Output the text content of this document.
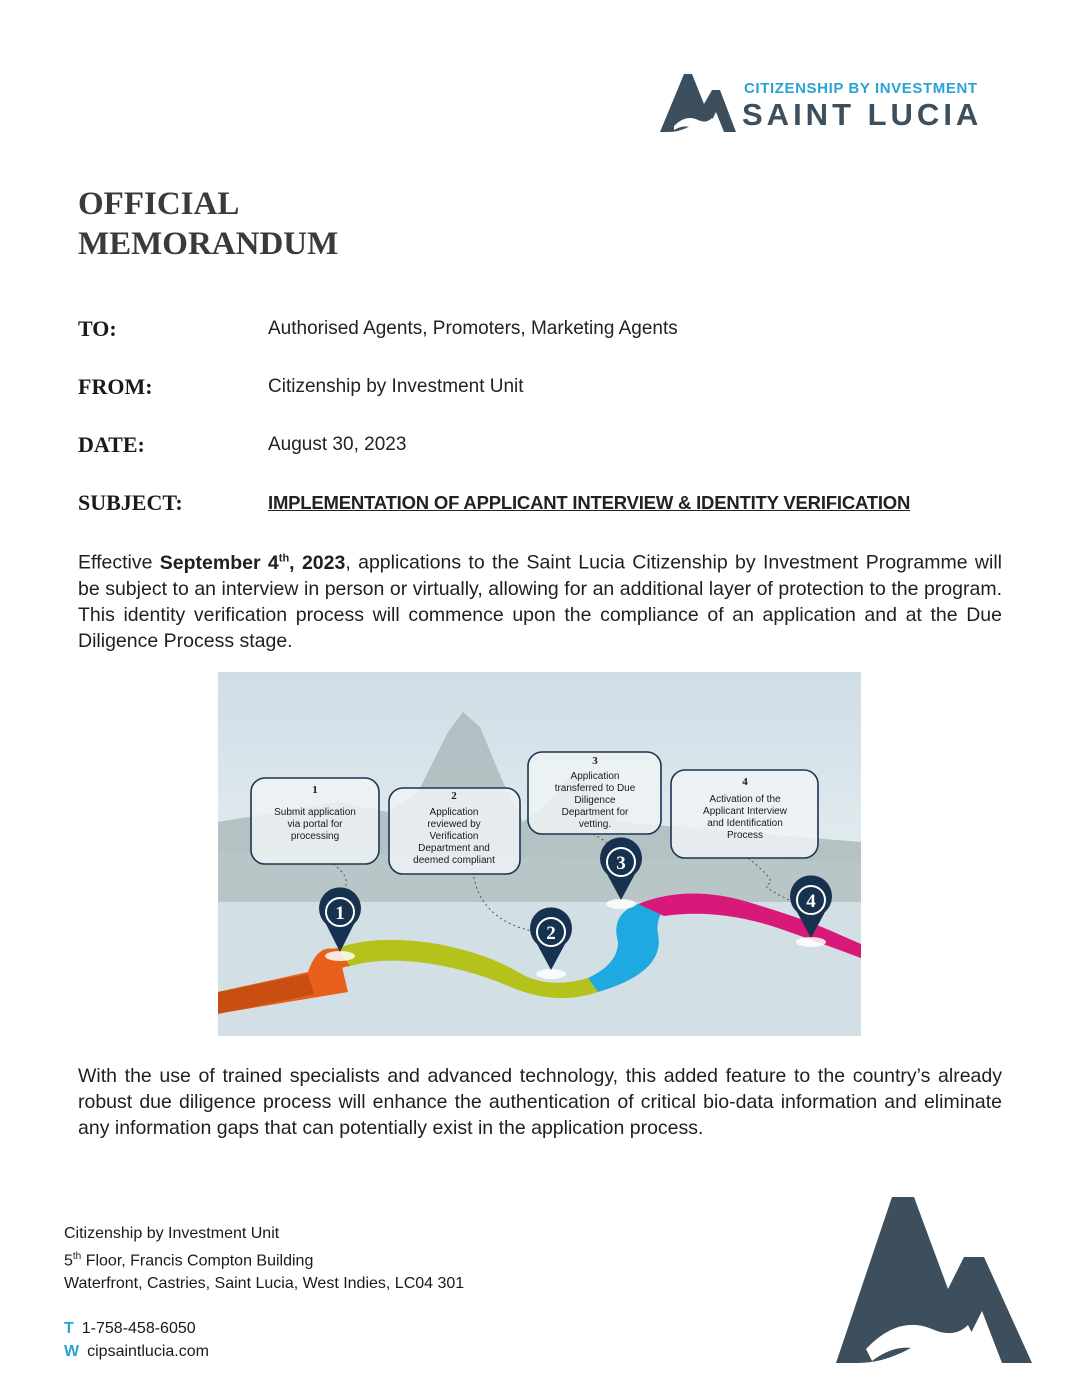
CITIZENSHIP BY INVESTMENT
SAINT LUCIA
OFFICIAL
MEMORANDUM
TO:	Authorised Agents, Promoters, Marketing Agents
FROM:	Citizenship by Investment Unit
DATE:	August 30, 2023
SUBJECT:	IMPLEMENTATION OF APPLICANT INTERVIEW & IDENTITY VERIFICATION

Effective September 4th, 2023, applications to the Saint Lucia Citizenship by Investment Programme will be subject to an interview in person or virtually, allowing for an additional layer of protection to the program. This identity verification process will commence upon the compliance of an application and at the Due Diligence Process stage.

1
Submit application
via portal for
processing
2
Application
reviewed by
Verification
Department and
deemed compliant
3
Application
transferred to Due
Diligence
Department for
vetting.
4
Activation of the
Applicant Interview
and Identification
Process
1
2
3
4

With the use of trained specialists and advanced technology, this added feature to the country’s already robust due diligence process will enhance the authentication of critical bio-data information and eliminate any information gaps that can potentially exist in the application process.

Citizenship by Investment Unit
5th Floor, Francis Compton Building
Waterfront, Castries, Saint Lucia, West Indies, LC04 301
T 1-758-458-6050
W cipsaintlucia.com
